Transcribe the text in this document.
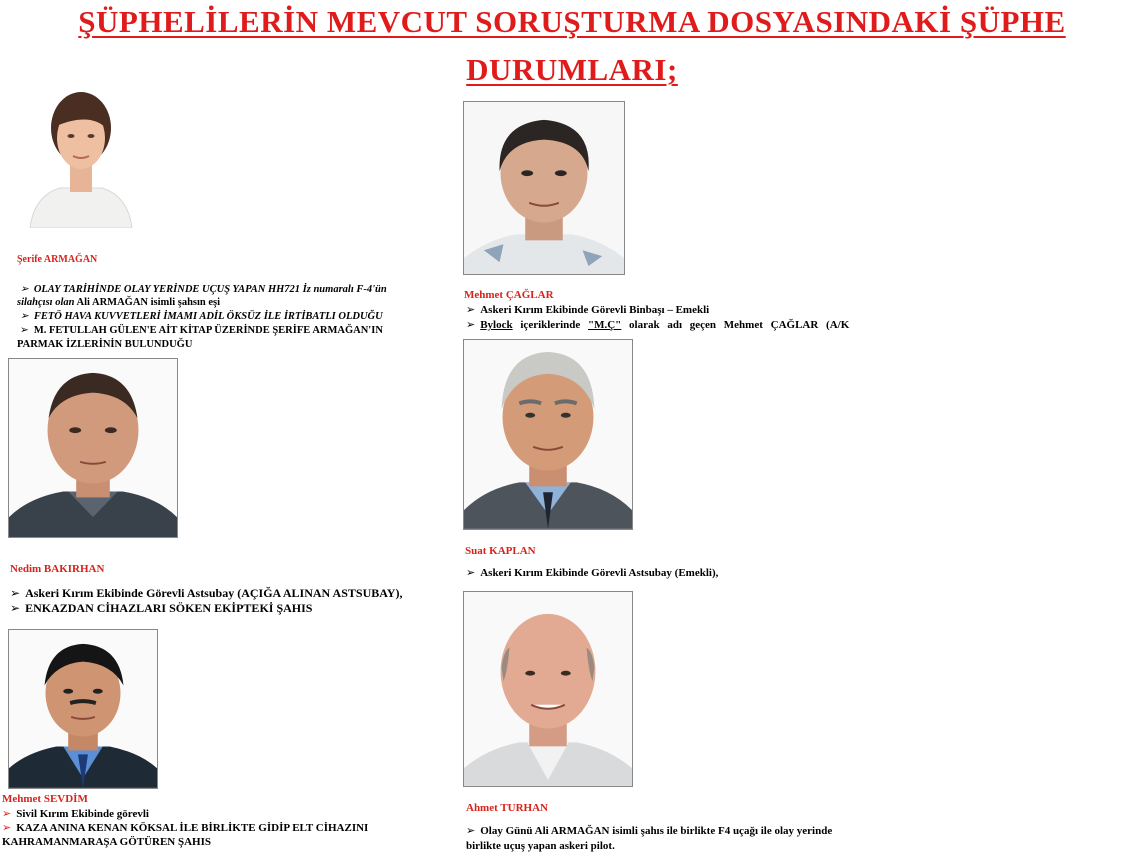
ŞÜPHELİLERİN MEVCUT SORUŞTURMA DOSYASINDAKİ ŞÜPHE
DURUMLARI;
Şerife ARMAĞAN
➢ OLAY TARİHİNDE OLAY YERİNDE UÇUŞ YAPAN HH721 İz numaralı F-4'ün
silahçısı olan Ali ARMAĞAN isimli şahsın eşi
➢ FETÖ HAVA KUVVETLERİ İMAMI ADİL ÖKSÜZ İLE İRTİBATLI OLDUĞU
➢ M. FETULLAH GÜLEN'E AİT KİTAP ÜZERİNDE ŞERİFE ARMAĞAN'IN
PARMAK İZLERİNİN BULUNDUĞU
Nedim BAKIRHAN
➢ Askeri Kırım Ekibinde Görevli Astsubay (AÇIĞA ALINAN ASTSUBAY),
➢ ENKAZDAN CİHAZLARI SÖKEN EKİPTEKİ ŞAHIS
Mehmet SEVDİM
➢ Sivil Kırım Ekibinde görevli
➢ KAZA ANINA KENAN KÖKSAL İLE BİRLİKTE GİDİP ELT CİHAZINI
KAHRAMANMARAŞA GÖTÜREN ŞAHIS
Mehmet ÇAĞLAR
➢ Askeri Kırım Ekibinde Görevli Binbaşı – Emekli
➢ Bylock içeriklerinde "M.Ç" olarak adı geçen Mehmet ÇAĞLAR (A/K
Suat KAPLAN
➢ Askeri Kırım Ekibinde Görevli Astsubay (Emekli),
Ahmet TURHAN
➢ Olay Günü Ali ARMAĞAN isimli şahıs ile birlikte F4 uçağı ile olay yerinde
birlikte uçuş yapan askeri pilot.
